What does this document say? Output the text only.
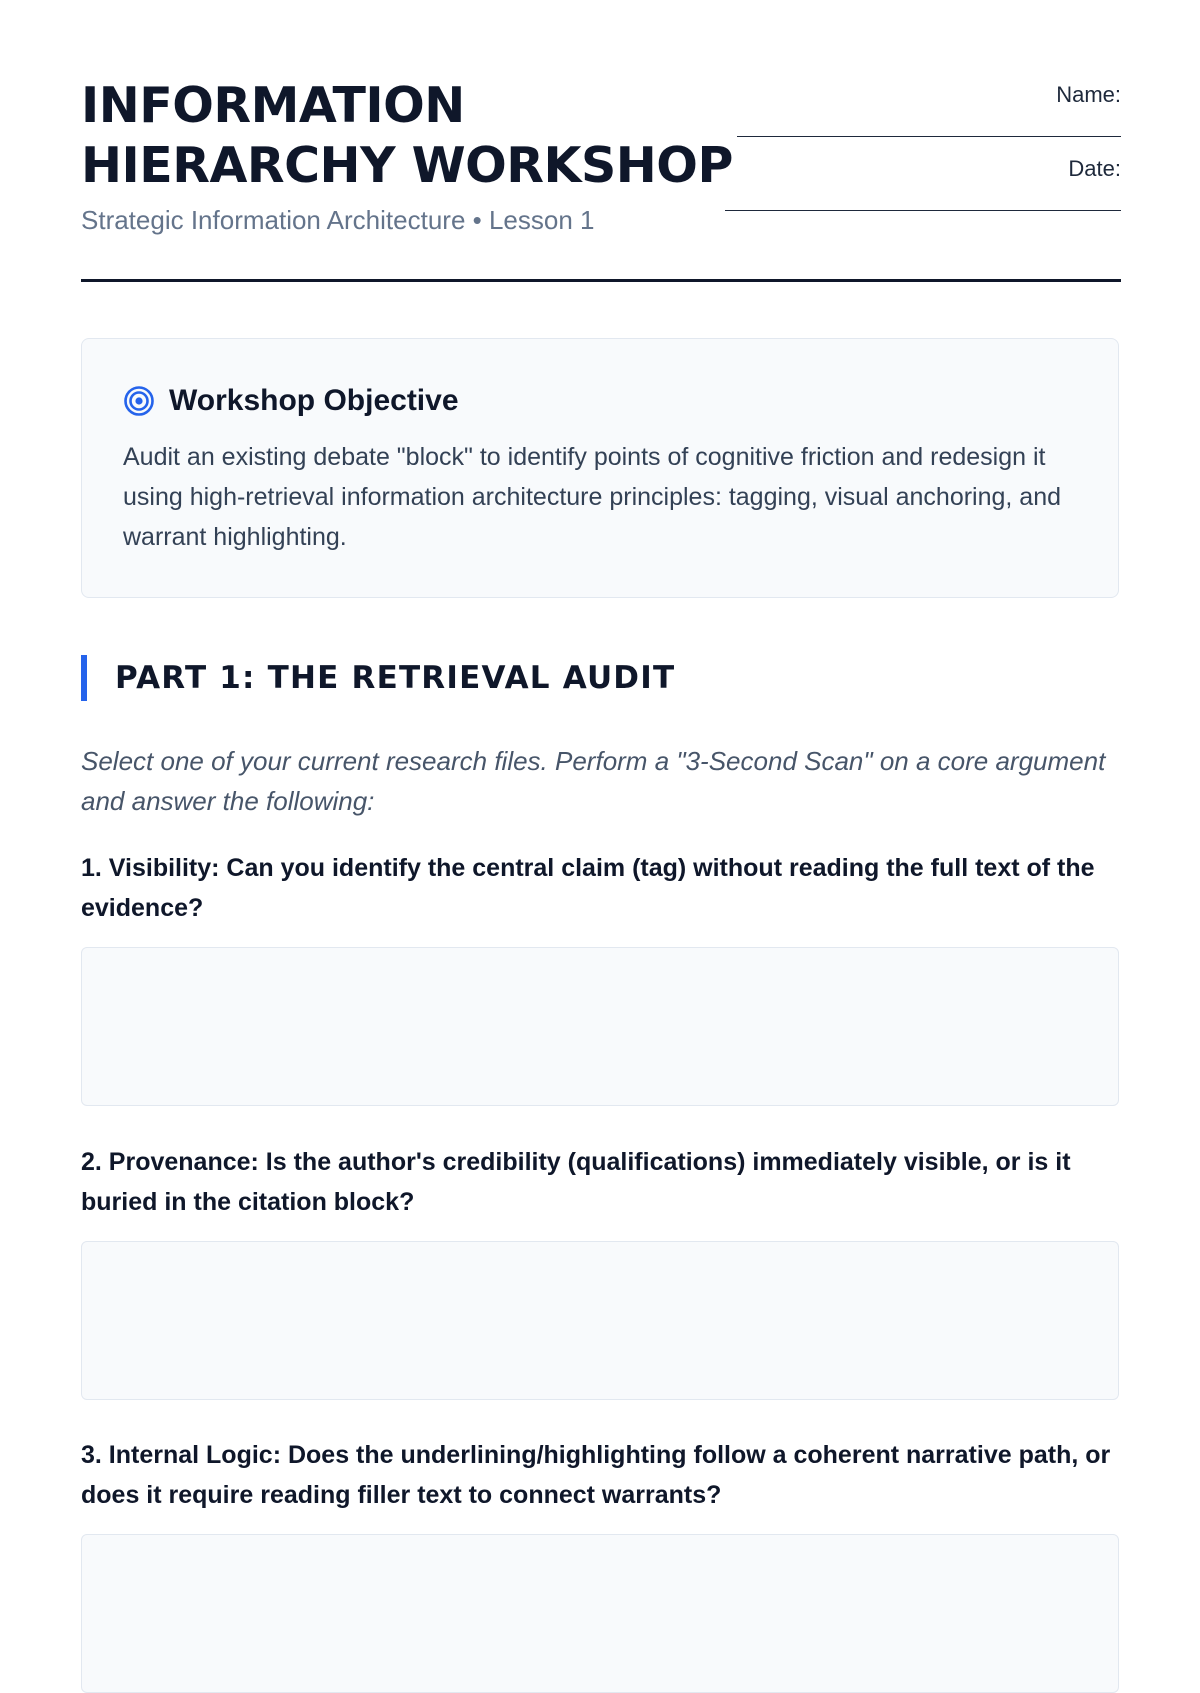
INFORMATION
HIERARCHY WORKSHOP
Strategic Information Architecture • Lesson 1
Name:
Date:
Workshop Objective
Audit an existing debate "block" to identify points of cognitive friction and redesign it using high-retrieval information architecture principles: tagging, visual anchoring, and warrant highlighting.
PART 1: THE RETRIEVAL AUDIT
Select one of your current research files. Perform a "3-Second Scan" on a core argument and answer the following:
1. Visibility: Can you identify the central claim (tag) without reading the full text of the evidence?
2. Provenance: Is the author's credibility (qualifications) immediately visible, or is it buried in the citation block?
3. Internal Logic: Does the underlining/highlighting follow a coherent narrative path, or does it require reading filler text to connect warrants?
